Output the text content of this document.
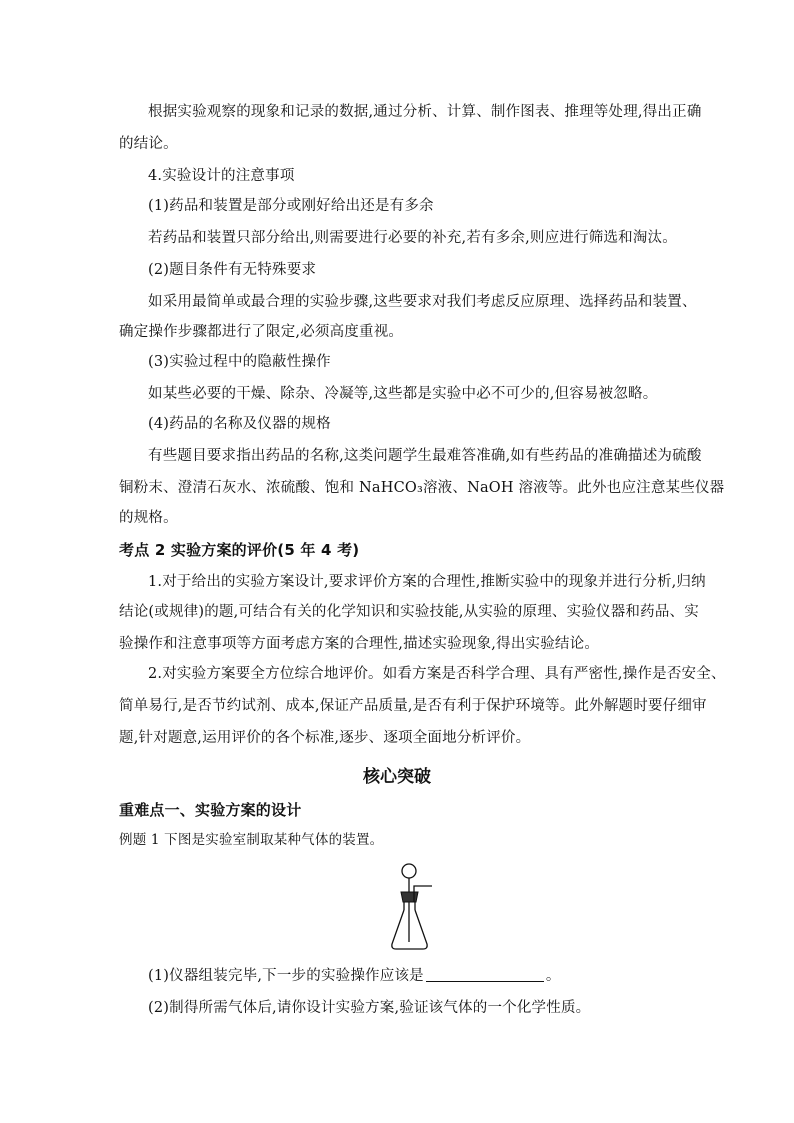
根据实验观察的现象和记录的数据,通过分析、计算、制作图表、推理等处理,得出正确
的结论。
4.实验设计的注意事项
(1)药品和装置是部分或刚好给出还是有多余
若药品和装置只部分给出,则需要进行必要的补充,若有多余,则应进行筛选和淘汰。
(2)题目条件有无特殊要求
如采用最简单或最合理的实验步骤,这些要求对我们考虑反应原理、选择药品和装置、
确定操作步骤都进行了限定,必须高度重视。
(3)实验过程中的隐蔽性操作
如某些必要的干燥、除杂、冷凝等,这些都是实验中必不可少的,但容易被忽略。
(4)药品的名称及仪器的规格
有些题目要求指出药品的名称,这类问题学生最难答准确,如有些药品的准确描述为硫酸
铜粉末、澄清石灰水、浓硫酸、饱和 NaHCO₃溶液、NaOH 溶液等。此外也应注意某些仪器
的规格。
考点 2 实验方案的评价(5 年 4 考)
1.对于给出的实验方案设计,要求评价方案的合理性,推断实验中的现象并进行分析,归纳
结论(或规律)的题,可结合有关的化学知识和实验技能,从实验的原理、实验仪器和药品、实
验操作和注意事项等方面考虑方案的合理性,描述实验现象,得出实验结论。
2.对实验方案要全方位综合地评价。如看方案是否科学合理、具有严密性,操作是否安全、
简单易行,是否节约试剂、成本,保证产品质量,是否有利于保护环境等。此外解题时要仔细审
题,针对题意,运用评价的各个标准,逐步、逐项全面地分析评价。
核心突破
重难点一、实验方案的设计
例题 1 下图是实验室制取某种气体的装置。
(1)仪器组装完毕,下一步的实验操作应该是	。
(2)制得所需气体后,请你设计实验方案,验证该气体的一个化学性质。
